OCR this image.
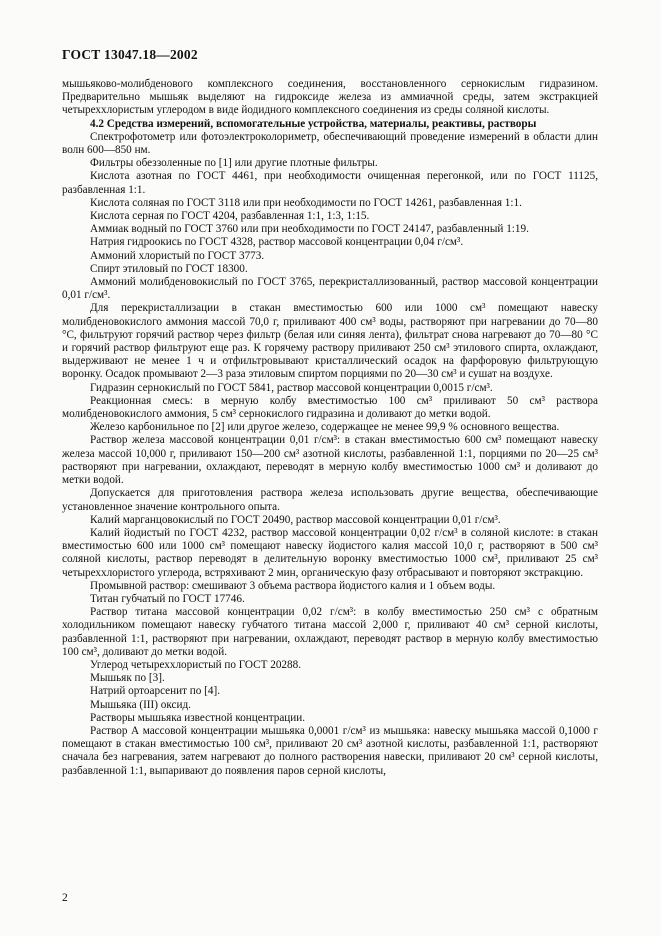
ГОСТ 13047.18—2002

мышьяково-молибденового комплексного соединения, восстановленного сернокислым гидразином. Предварительно мышьяк выделяют на гидроксиде железа из аммиачной среды, затем экстракцией четыреххлористым углеродом в виде йодидного комплексного соединения из среды соляной кислоты.

4.2 Средства измерений, вспомогательные устройства, материалы, реактивы, растворы

Спектрофотометр или фотоэлектроколориметр, обеспечивающий проведение измерений в области длин волн 600—850 нм.

Фильтры обеззоленные по [1] или другие плотные фильтры.

Кислота азотная по ГОСТ 4461, при необходимости очищенная перегонкой, или по ГОСТ 11125, разбавленная 1:1.

Кислота соляная по ГОСТ 3118 или при необходимости по ГОСТ 14261, разбавленная 1:1.

Кислота серная по ГОСТ 4204, разбавленная 1:1, 1:3, 1:15.

Аммиак водный по ГОСТ 3760 или при необходимости по ГОСТ 24147, разбавленный 1:19.

Натрия гидроокись по ГОСТ 4328, раствор массовой концентрации 0,04 г/см³.

Аммоний хлористый по ГОСТ 3773.

Спирт этиловый по ГОСТ 18300.

Аммоний молибденовокислый по ГОСТ 3765, перекристаллизованный, раствор массовой концентрации 0,01 г/см³.

Для перекристаллизации в стакан вместимостью 600 или 1000 см³ помещают навеску молибденовокислого аммония массой 70,0 г, приливают 400 см³ воды, растворяют при нагревании до 70—80 °С, фильтруют горячий раствор через фильтр (белая или синяя лента), фильтрат снова нагревают до 70—80 °С и горячий раствор фильтруют еще раз. К горячему раствору приливают 250 см³ этилового спирта, охлаждают, выдерживают не менее 1 ч и отфильтровывают кристаллический осадок на фарфоровую фильтрующую воронку. Осадок промывают 2—3 раза этиловым спиртом порциями по 20—30 см³ и сушат на воздухе.

Гидразин сернокислый по ГОСТ 5841, раствор массовой концентрации 0,0015 г/см³.

Реакционная смесь: в мерную колбу вместимостью 100 см³ приливают 50 см³ раствора молибденовокислого аммония, 5 см³ сернокислого гидразина и доливают до метки водой.

Железо карбонильное по [2] или другое железо, содержащее не менее 99,9 % основного вещества.

Раствор железа массовой концентрации 0,01 г/см³: в стакан вместимостью 600 см³ помещают навеску железа массой 10,000 г, приливают 150—200 см³ азотной кислоты, разбавленной 1:1, порциями по 20—25 см³ растворяют при нагревании, охлаждают, переводят в мерную колбу вместимостью 1000 см³ и доливают до метки водой.

Допускается для приготовления раствора железа использовать другие вещества, обеспечивающие установленное значение контрольного опыта.

Калий марганцовокислый по ГОСТ 20490, раствор массовой концентрации 0,01 г/см³.

Калий йодистый по ГОСТ 4232, раствор массовой концентрации 0,02 г/см³ в соляной кислоте: в стакан вместимостью 600 или 1000 см³ помещают навеску йодистого калия массой 10,0 г, растворяют в 500 см³ соляной кислоты, раствор переводят в делительную воронку вместимостью 1000 см³, приливают 25 см³ четыреххлористого углерода, встряхивают 2 мин, органическую фазу отбрасывают и повторяют экстракцию.

Промывной раствор: смешивают 3 объема раствора йодистого калия и 1 объем воды.

Титан губчатый по ГОСТ 17746.

Раствор титана массовой концентрации 0,02 г/см³: в колбу вместимостью 250 см³ с обратным холодильником помещают навеску губчатого титана массой 2,000 г, приливают 40 см³ серной кислоты, разбавленной 1:1, растворяют при нагревании, охлаждают, переводят раствор в мерную колбу вместимостью 100 см³, доливают до метки водой.

Углерод четыреххлористый по ГОСТ 20288.

Мышьяк по [3].

Натрий ортоарсенит по [4].

Мышьяка (III) оксид.

Растворы мышьяка известной концентрации.

Раствор А массовой концентрации мышьяка 0,0001 г/см³ из мышьяка: навеску мышьяка массой 0,1000 г помещают в стакан вместимостью 100 см³, приливают 20 см³ азотной кислоты, разбавленной 1:1, растворяют сначала без нагревания, затем нагревают до полного растворения навески, приливают 20 см³ серной кислоты, разбавленной 1:1, выпаривают до появления паров серной кислоты,

2
